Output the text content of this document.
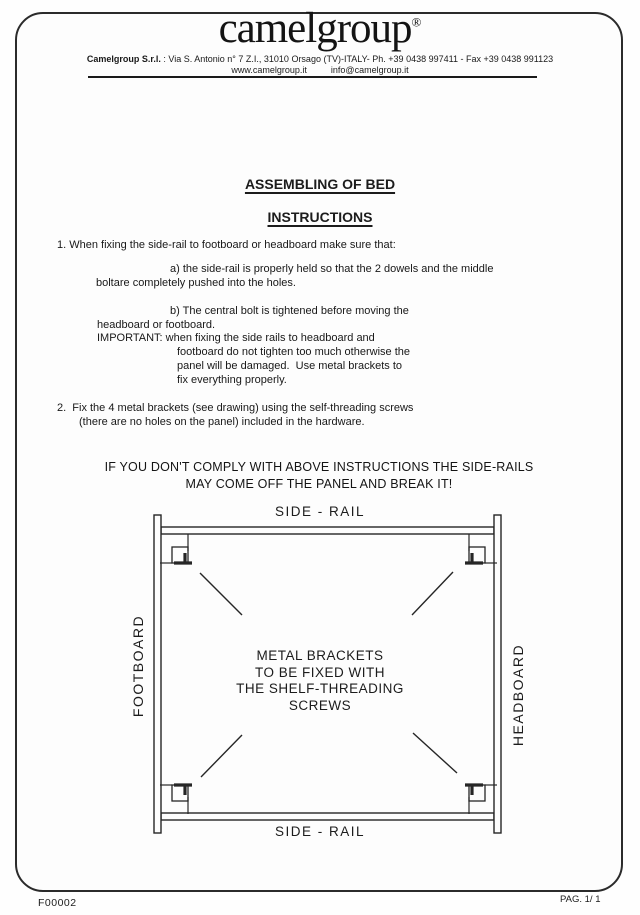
camelgroup®
Camelgroup S.r.l. : Via S. Antonio n° 7 Z.I., 31010 Orsago (TV)-ITALY- Ph. +39 0438 997411 - Fax +39 0438 991123
www.camelgroup.it	info@camelgroup.it
ASSEMBLING OF BED
INSTRUCTIONS
1. When fixing the side-rail to footboard or headboard make sure that:
a) the side-rail is properly held so that the 2 dowels and the middle
boltare completely pushed into the holes.
b) The central bolt is tightened before moving the
headboard or footboard.
IMPORTANT: when fixing the side rails to headboard and
footboard do not tighten too much otherwise the
panel will be damaged.  Use metal brackets to
fix everything properly.
2.  Fix the 4 metal brackets (see drawing) using the self-threading screws
(there are no holes on the panel) included in the hardware.
IF YOU DON'T COMPLY WITH ABOVE INSTRUCTIONS THE SIDE-RAILS
MAY COME OFF THE PANEL AND BREAK IT!
SIDE - RAIL
SIDE - RAIL
FOOTBOARD	HEADBOARD
METAL BRACKETS
TO BE FIXED WITH
THE SHELF-THREADING
SCREWS
F00002	PAG. 1/ 1
